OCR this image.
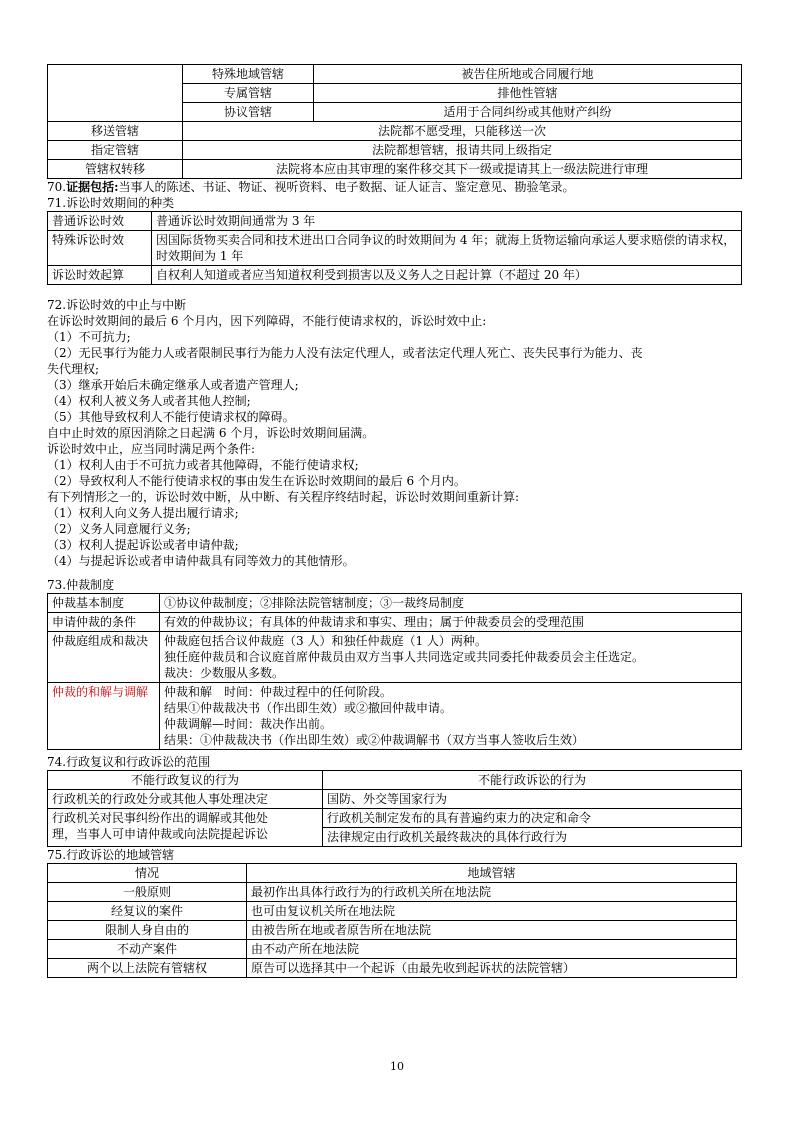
	特殊地域管辖	被告住所地或合同履行地
	专属管辖	排他性管辖
	协议管辖	适用于合同纠纷或其他财产纠纷
移送管辖	法院都不愿受理，只能移送一次	
指定管辖	法院都想管辖，报请共同上级指定	
管辖权转移	法院将本应由其审理的案件移交其下一级或提请其上一级法院进行审理	
70.证据包括:当事人的陈述、书证、物证、视听资料、电子数据、证人证言、鉴定意见、勘验笔录。
71.诉讼时效期间的种类
普通诉讼时效	普通诉讼时效期间通常为 3 年
特殊诉讼时效	因国际货物买卖合同和技术进出口合同争议的时效期间为 4 年；就海上货物运输向承运人要求赔偿的请求权，时效期间为 1 年
诉讼时效起算	自权利人知道或者应当知道权利受到损害以及义务人之日起计算（不超过 20 年）
72.诉讼时效的中止与中断
在诉讼时效期间的最后 6 个月内，因下列障碍，不能行使请求权的，诉讼时效中止:
（1）不可抗力;
（2）无民事行为能力人或者限制民事行为能力人没有法定代理人，或者法定代理人死亡、丧失民事行为能力、丧
失代理权;
（3）继承开始后未确定继承人或者遗产管理人;
（4）权利人被义务人或者其他人控制;
（5）其他导致权利人不能行使请求权的障碍。
自中止时效的原因消除之日起满 6 个月，诉讼时效期间届满。
诉讼时效中止，应当同时满足两个条件:
（1）权利人由于不可抗力或者其他障碍，不能行使请求权;
（2）导致权利人不能行使请求权的事由发生在诉讼时效期间的最后 6 个月内。
有下列情形之一的，诉讼时效中断，从中断、有关程序终结时起，诉讼时效期间重新计算:
（1）权利人向义务人提出履行请求;
（2）义务人同意履行义务;
（3）权利人提起诉讼或者申请仲裁;
（4）与提起诉讼或者申请仲裁具有同等效力的其他情形。
73.仲裁制度
仲裁基本制度	①协议仲裁制度；②排除法院管辖制度；③一裁终局制度

申请仲裁的条件	有效的仲裁协议；有具体的仲裁请求和事实、理由；属于仲裁委员会的受理范围

仲裁庭组成和裁决	仲裁庭包括合议仲裁庭（3 人）和独任仲裁庭（1 人）两种。
独任庭仲裁员和合议庭首席仲裁员由双方当事人共同选定或共同委托仲裁委员会主任选定。
裁决：少数服从多数。

仲裁的和解与调解	仲裁和解　时间：仲裁过程中的任何阶段。
结果①仲裁裁决书（作出即生效）或②撤回仲裁申请。
仲裁调解—时间：裁决作出前。
结果：①仲裁裁决书（作出即生效）或②仲裁调解书（双方当事人签收后生效）
74.行政复议和行政诉讼的范围
不能行政复议的行为	不能行政诉讼的行为
行政机关的行政处分或其他人事处理决定	国防、外交等国家行为

行政机关对民事纠纷作出的调解或其他处
理，当事人可申请仲裁或向法院提起诉讼	行政机关制定发布的具有普遍约束力的决定和命令
	法律规定由行政机关最终裁决的具体行政行为
75.行政诉讼的地域管辖
情况	地域管辖
一般原则	最初作出具体行政行为的行政机关所在地法院
经复议的案件	也可由复议机关所在地法院
限制人身自由的	由被告所在地或者原告所在地法院
不动产案件	由不动产所在地法院
两个以上法院有管辖权	原告可以选择其中一个起诉（由最先收到起诉状的法院管辖）
10
